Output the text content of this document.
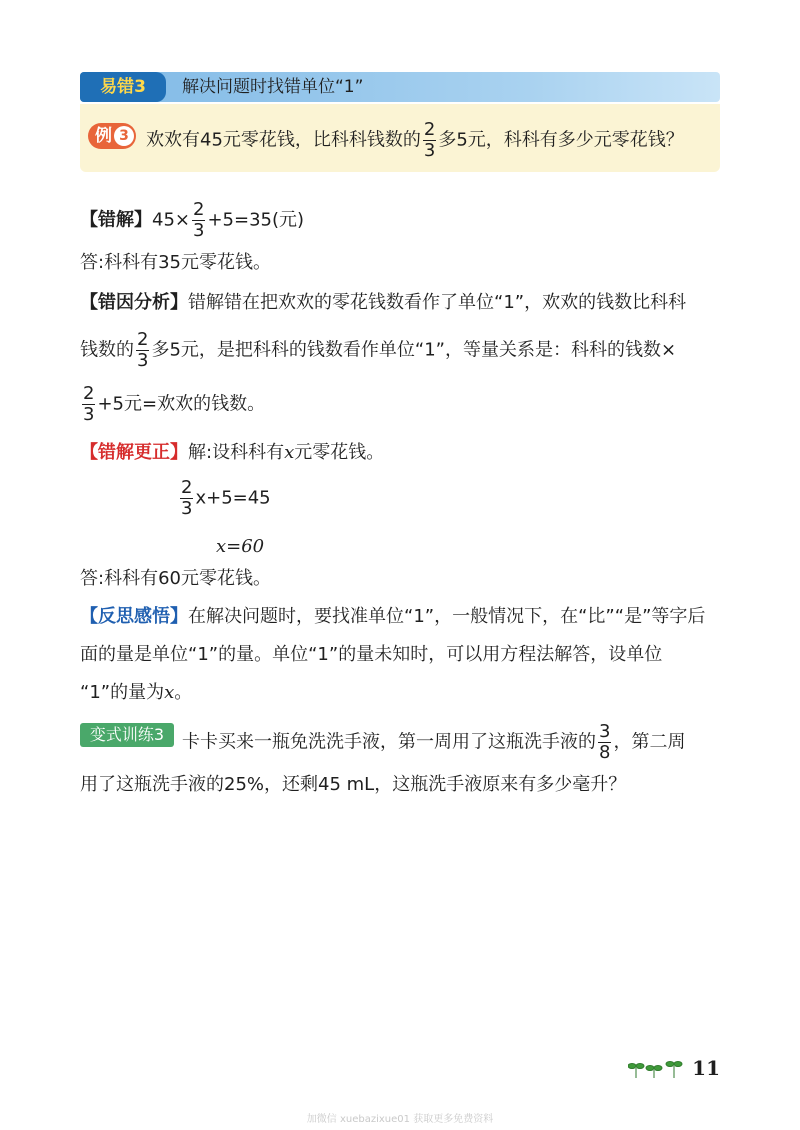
易错3	解决问题时找错单位“1”
例 3 欢欢有45元零花钱，比科科钱数的 $\frac{2}{3}$ 多5元，科科有多少元零花钱？
【错解】$45\times \frac{2}{3} +5=35$(元)
答:科科有35元零花钱。
【错因分析】错解错在把欢欢的零花钱数看作了单位“1”，欢欢的钱数比科科
钱数的 $\frac{2}{3}$ 多5元，是把科科的钱数看作单位“1”，等量关系是：科科的钱数×
$\frac{2}{3} +5$元=欢欢的钱数。
【错解更正】解:设科科有x元零花钱。
$\frac{2}{3} x+5=45$
x=60
答:科科有60元零花钱。
【反思感悟】在解决问题时，要找准单位“1”，一般情况下，在“比”“是”等字后
面的量是单位“1”的量。单位“1”的量未知时，可以用方程法解答，设单位
“1”的量为x。
变式训练3 卡卡买来一瓶免洗洗手液，第一周用了这瓶洗手液的 $\frac{3}{8}$ ，第二周
用了这瓶洗手液的25%，还剩45 mL，这瓶洗手液原来有多少毫升？
11
加微信 xuebazixue01 获取更多免费资料
